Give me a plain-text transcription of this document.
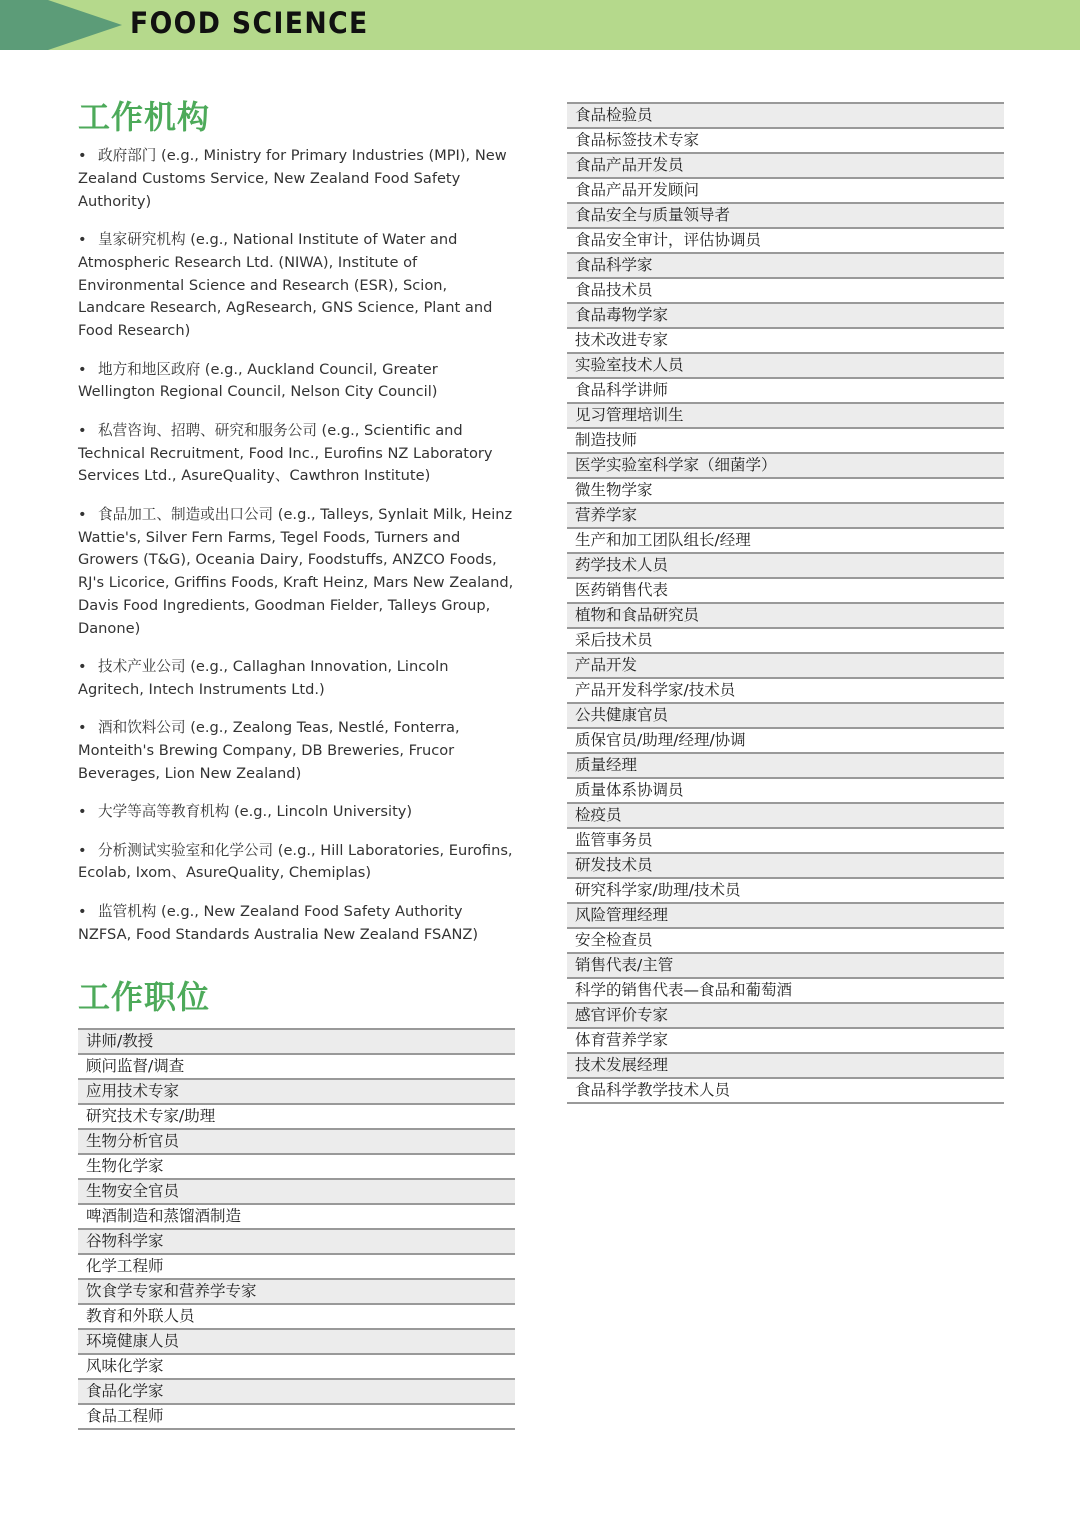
FOOD SCIENCE
工作机构
• 政府部门 (e.g., Ministry for Primary Industries (MPI), New Zealand Customs Service, New Zealand Food Safety Authority)
• 皇家研究机构 (e.g., National Institute of Water and Atmospheric Research Ltd. (NIWA), Institute of Environmental Science and Research (ESR), Scion, Landcare Research, AgResearch, GNS Science, Plant and Food Research)
• 地方和地区政府 (e.g., Auckland Council, Greater Wellington Regional Council, Nelson City Council)
• 私营咨询、招聘、研究和服务公司 (e.g., Scientific and Technical Recruitment, Food Inc., Eurofins NZ Laboratory Services Ltd., AsureQuality、Cawthron Institute)
• 食品加工、制造或出口公司 (e.g., Talleys, Synlait Milk, Heinz Wattie's, Silver Fern Farms, Tegel Foods, Turners and Growers (T&G), Oceania Dairy, Foodstuffs, ANZCO Foods, RJ's Licorice, Griffins Foods, Kraft Heinz, Mars New Zealand, Davis Food Ingredients, Goodman Fielder, Talleys Group, Danone)
• 技术产业公司 (e.g., Callaghan Innovation, Lincoln Agritech, Intech Instruments Ltd.)
• 酒和饮料公司 (e.g., Zealong Teas, Nestlé, Fonterra, Monteith's Brewing Company, DB Breweries, Frucor Beverages, Lion New Zealand)
• 大学等高等教育机构 (e.g., Lincoln University)
• 分析测试实验室和化学公司 (e.g., Hill Laboratories, Eurofins, Ecolab, Ixom、AsureQuality, Chemiplas)
• 监管机构 (e.g., New Zealand Food Safety Authority NZFSA, Food Standards Australia New Zealand FSANZ)
工作职位
讲师/教授
顾问监督/调查
应用技术专家
研究技术专家/助理
生物分析官员
生物化学家
生物安全官员
啤酒制造和蒸馏酒制造
谷物科学家
化学工程师
饮食学专家和营养学专家
教育和外联人员
环境健康人员
风味化学家
食品化学家
食品工程师
食品检验员
食品标签技术专家
食品产品开发员
食品产品开发顾问
食品安全与质量领导者
食品安全审计，评估协调员
食品科学家
食品技术员
食品毒物学家
技术改进专家
实验室技术人员
食品科学讲师
见习管理培训生
制造技师
医学实验室科学家（细菌学）
微生物学家
营养学家
生产和加工团队组长/经理
药学技术人员
医药销售代表
植物和食品研究员
采后技术员
产品开发
产品开发科学家/技术员
公共健康官员
质保官员/助理/经理/协调
质量经理
质量体系协调员
检疫员
监管事务员
研发技术员
研究科学家/助理/技术员
风险管理经理
安全检查员
销售代表/主管
科学的销售代表—食品和葡萄酒
感官评价专家
体育营养学家
技术发展经理
食品科学教学技术人员
